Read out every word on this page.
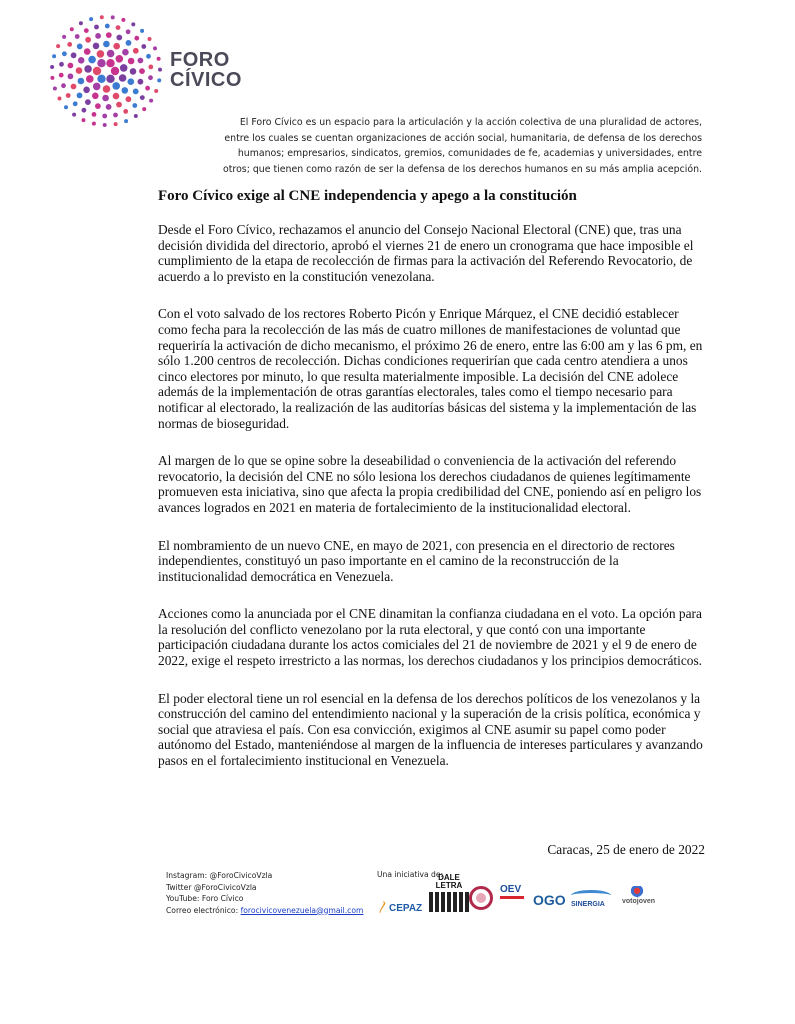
FORO
CÍVICO
El Foro Cívico es un espacio para la articulación y la acción colectiva de una pluralidad de actores,
entre los cuales se cuentan organizaciones de acción social, humanitaria, de defensa de los derechos
humanos; empresarios, sindicatos, gremios, comunidades de fe, academias y universidades, entre
otros; que tienen como razón de ser la defensa de los derechos humanos en su más amplia acepción.
Foro Cívico exige al CNE independencia y apego a la constitución

Desde el Foro Cívico, rechazamos el anuncio del Consejo Nacional Electoral (CNE) que, tras una decisión dividida del directorio, aprobó el viernes 21 de enero un cronograma que hace imposible el cumplimiento de la etapa de recolección de firmas para la activación del Referendo Revocatorio, de acuerdo a lo previsto en la constitución venezolana.

Con el voto salvado de los rectores Roberto Picón y Enrique Márquez, el CNE decidió establecer como fecha para la recolección de las más de cuatro millones de manifestaciones de voluntad que requeriría la activación de dicho mecanismo, el próximo 26 de enero, entre las 6:00 am y las 6 pm, en sólo 1.200 centros de recolección. Dichas condiciones requerirían que cada centro atendiera a unos cinco electores por minuto, lo que resulta materialmente imposible. La decisión del CNE adolece además de la implementación de otras garantías electorales, tales como el tiempo necesario para notificar al electorado, la realización de las auditorías básicas del sistema y la implementación de las normas de bioseguridad.

Al margen de lo que se opine sobre la deseabilidad o conveniencia de la activación del referendo revocatorio, la decisión del CNE no sólo lesiona los derechos ciudadanos de quienes legítimamente promueven esta iniciativa, sino que afecta la propia credibilidad del CNE, poniendo así en peligro los avances logrados en 2021 en materia de fortalecimiento de la institucionalidad electoral.

El nombramiento de un nuevo CNE, en mayo de 2021, con presencia en el directorio de rectores independientes, constituyó un paso importante en el camino de la reconstrucción de la institucionalidad democrática en Venezuela.

Acciones como la anunciada por el CNE dinamitan la confianza ciudadana en el voto. La opción para la resolución del conflicto venezolano por la ruta electoral, y que contó con una importante participación ciudadana durante los actos comiciales del 21 de noviembre de 2021 y el 9 de enero de 2022, exige el respeto irrestricto a las normas, los derechos ciudadanos y los principios democráticos.

El poder electoral tiene un rol esencial en la defensa de los derechos políticos de los venezolanos y la construcción del camino del entendimiento nacional y la superación de la crisis política, económica y social que atraviesa el país. Con esa convicción, exigimos al CNE asumir su papel como poder autónomo del Estado, manteniéndose al margen de la influencia de intereses particulares y avanzando pasos en el fortalecimiento institucional en Venezuela.

Caracas, 25 de enero de 2022
Instagram: @ForoCivicoVzla
Twitter @ForoCivicoVzla
YouTube: Foro Cívico
Correo electrónico: forocivicovenezuela@gmail.com
Una iniciativa de:
〳CEPAZ
DALE LETRA	OEV
OGO SINERGIA	votojoven
